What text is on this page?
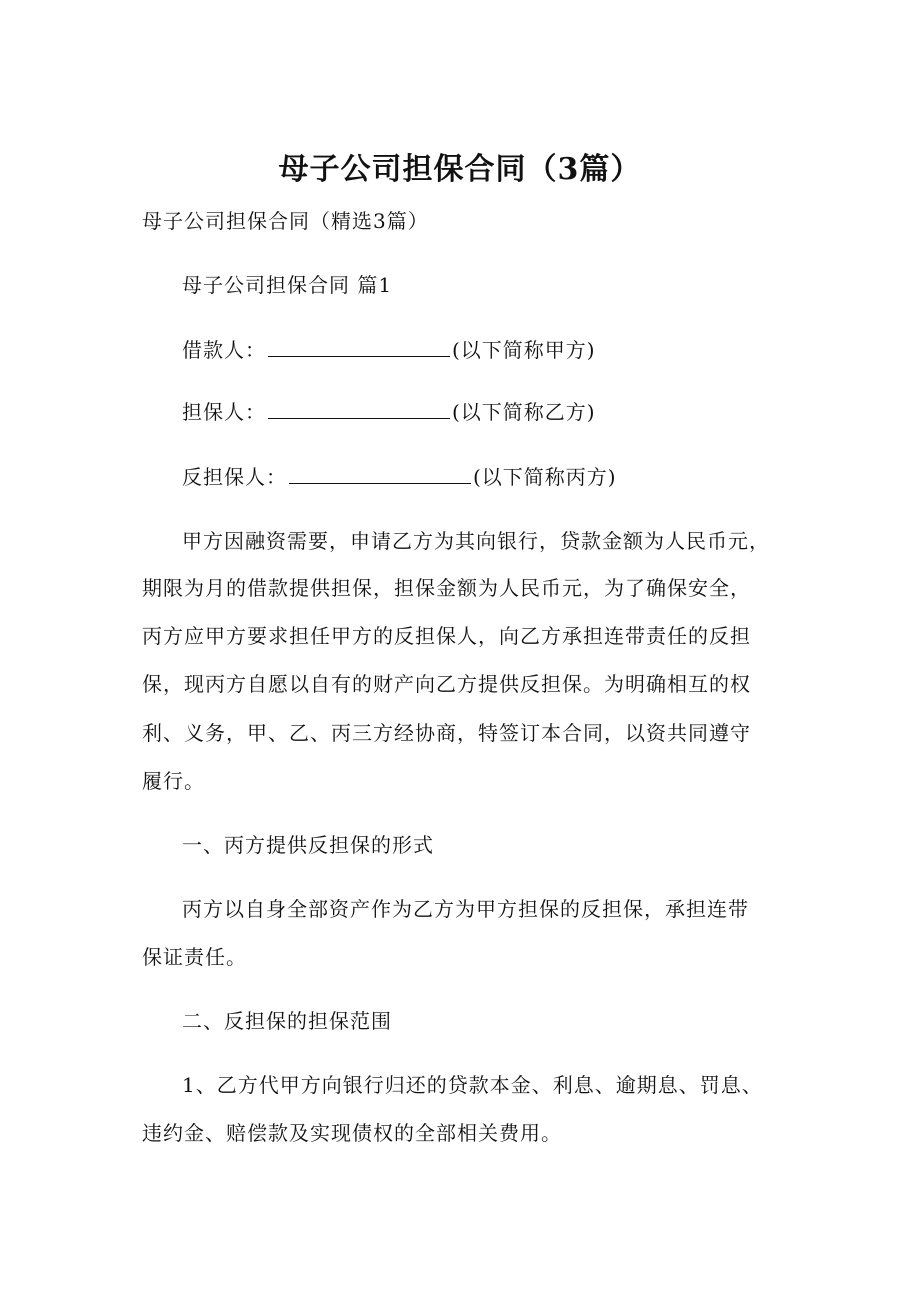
母子公司担保合同（3篇）
母子公司担保合同（精选3篇）
母子公司担保合同 篇1
借款人：	(以下简称甲方)
担保人：	(以下简称乙方)
反担保人：	(以下简称丙方)
甲方因融资需要，申请乙方为其向银行，贷款金额为人民币元，
期限为月的借款提供担保，担保金额为人民币元，为了确保安全，
丙方应甲方要求担任甲方的反担保人，向乙方承担连带责任的反担
保，现丙方自愿以自有的财产向乙方提供反担保。为明确相互的权
利、义务，甲、乙、丙三方经协商，特签订本合同，以资共同遵守
履行。
一、丙方提供反担保的形式
丙方以自身全部资产作为乙方为甲方担保的反担保，承担连带
保证责任。
二、反担保的担保范围
1、乙方代甲方向银行归还的贷款本金、利息、逾期息、罚息、
违约金、赔偿款及实现债权的全部相关费用。
